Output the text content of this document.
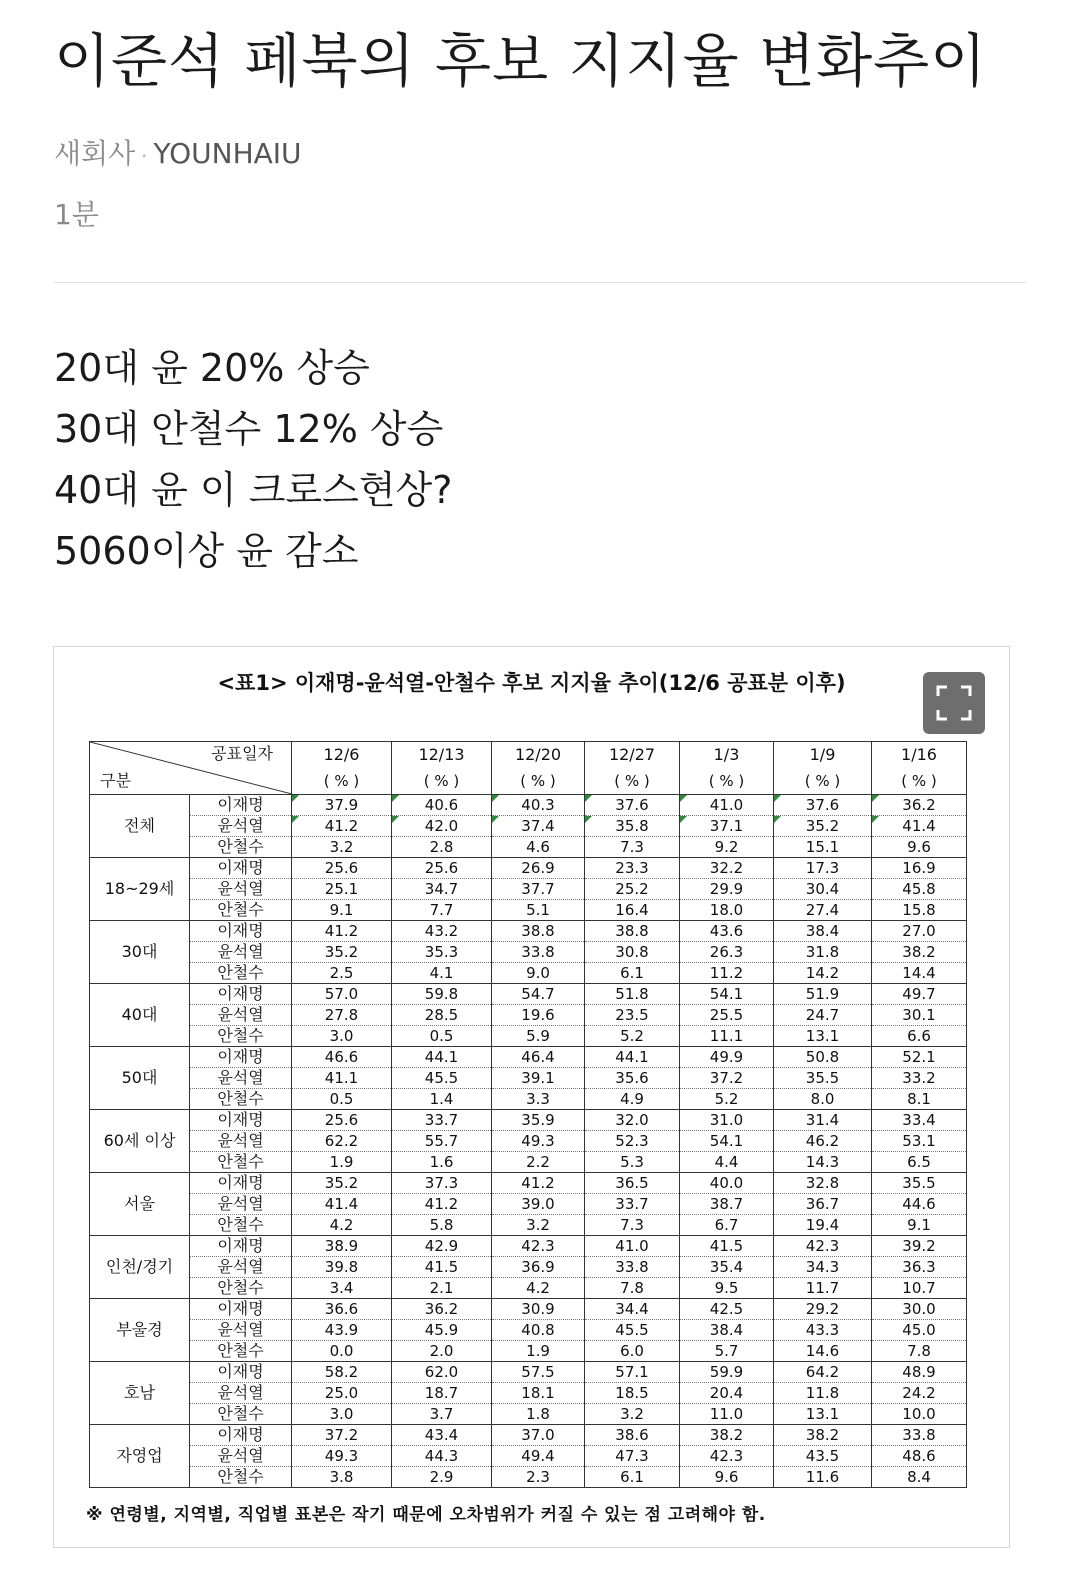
이준석 페북의 후보 지지율 변화추이
새회사 · YOUNHAIU
1분
20대 윤 20% 상승
30대 안철수 12% 상승
40대 윤 이 크로스현상?
5060이상 윤 감소
<표1> 이재명-윤석열-안철수 후보 지지율 추이(12/6 공표분 이후)
공표일자
구분		12/6	12/13	12/20	12/27	1/3	1/9	1/16
		( % )	( % )	( % )	( % )	( % )	( % )	( % )
전체	이재명	37.9	40.6	40.3	37.6	41.0	37.6	36.2
	윤석열	41.2	42.0	37.4	35.8	37.1	35.2	41.4
	안철수	3.2	2.8	4.6	7.3	9.2	15.1	9.6
18~29세	이재명	25.6	25.6	26.9	23.3	32.2	17.3	16.9
	윤석열	25.1	34.7	37.7	25.2	29.9	30.4	45.8
	안철수	9.1	7.7	5.1	16.4	18.0	27.4	15.8
30대	이재명	41.2	43.2	38.8	38.8	43.6	38.4	27.0
	윤석열	35.2	35.3	33.8	30.8	26.3	31.8	38.2
	안철수	2.5	4.1	9.0	6.1	11.2	14.2	14.4
40대	이재명	57.0	59.8	54.7	51.8	54.1	51.9	49.7
	윤석열	27.8	28.5	19.6	23.5	25.5	24.7	30.1
	안철수	3.0	0.5	5.9	5.2	11.1	13.1	6.6
50대	이재명	46.6	44.1	46.4	44.1	49.9	50.8	52.1
	윤석열	41.1	45.5	39.1	35.6	37.2	35.5	33.2
	안철수	0.5	1.4	3.3	4.9	5.2	8.0	8.1
60세 이상	이재명	25.6	33.7	35.9	32.0	31.0	31.4	33.4
	윤석열	62.2	55.7	49.3	52.3	54.1	46.2	53.1
	안철수	1.9	1.6	2.2	5.3	4.4	14.3	6.5
서울	이재명	35.2	37.3	41.2	36.5	40.0	32.8	35.5
	윤석열	41.4	41.2	39.0	33.7	38.7	36.7	44.6
	안철수	4.2	5.8	3.2	7.3	6.7	19.4	9.1
인천/경기	이재명	38.9	42.9	42.3	41.0	41.5	42.3	39.2
	윤석열	39.8	41.5	36.9	33.8	35.4	34.3	36.3
	안철수	3.4	2.1	4.2	7.8	9.5	11.7	10.7
부울경	이재명	36.6	36.2	30.9	34.4	42.5	29.2	30.0
	윤석열	43.9	45.9	40.8	45.5	38.4	43.3	45.0
	안철수	0.0	2.0	1.9	6.0	5.7	14.6	7.8
호남	이재명	58.2	62.0	57.5	57.1	59.9	64.2	48.9
	윤석열	25.0	18.7	18.1	18.5	20.4	11.8	24.2
	안철수	3.0	3.7	1.8	3.2	11.0	13.1	10.0
자영업	이재명	37.2	43.4	37.0	38.6	38.2	38.2	33.8
	윤석열	49.3	44.3	49.4	47.3	42.3	43.5	48.6
	안철수	3.8	2.9	2.3	6.1	9.6	11.6	8.4
※ 연령별, 지역별, 직업별 표본은 작기 때문에 오차범위가 커질 수 있는 점 고려해야 함.
